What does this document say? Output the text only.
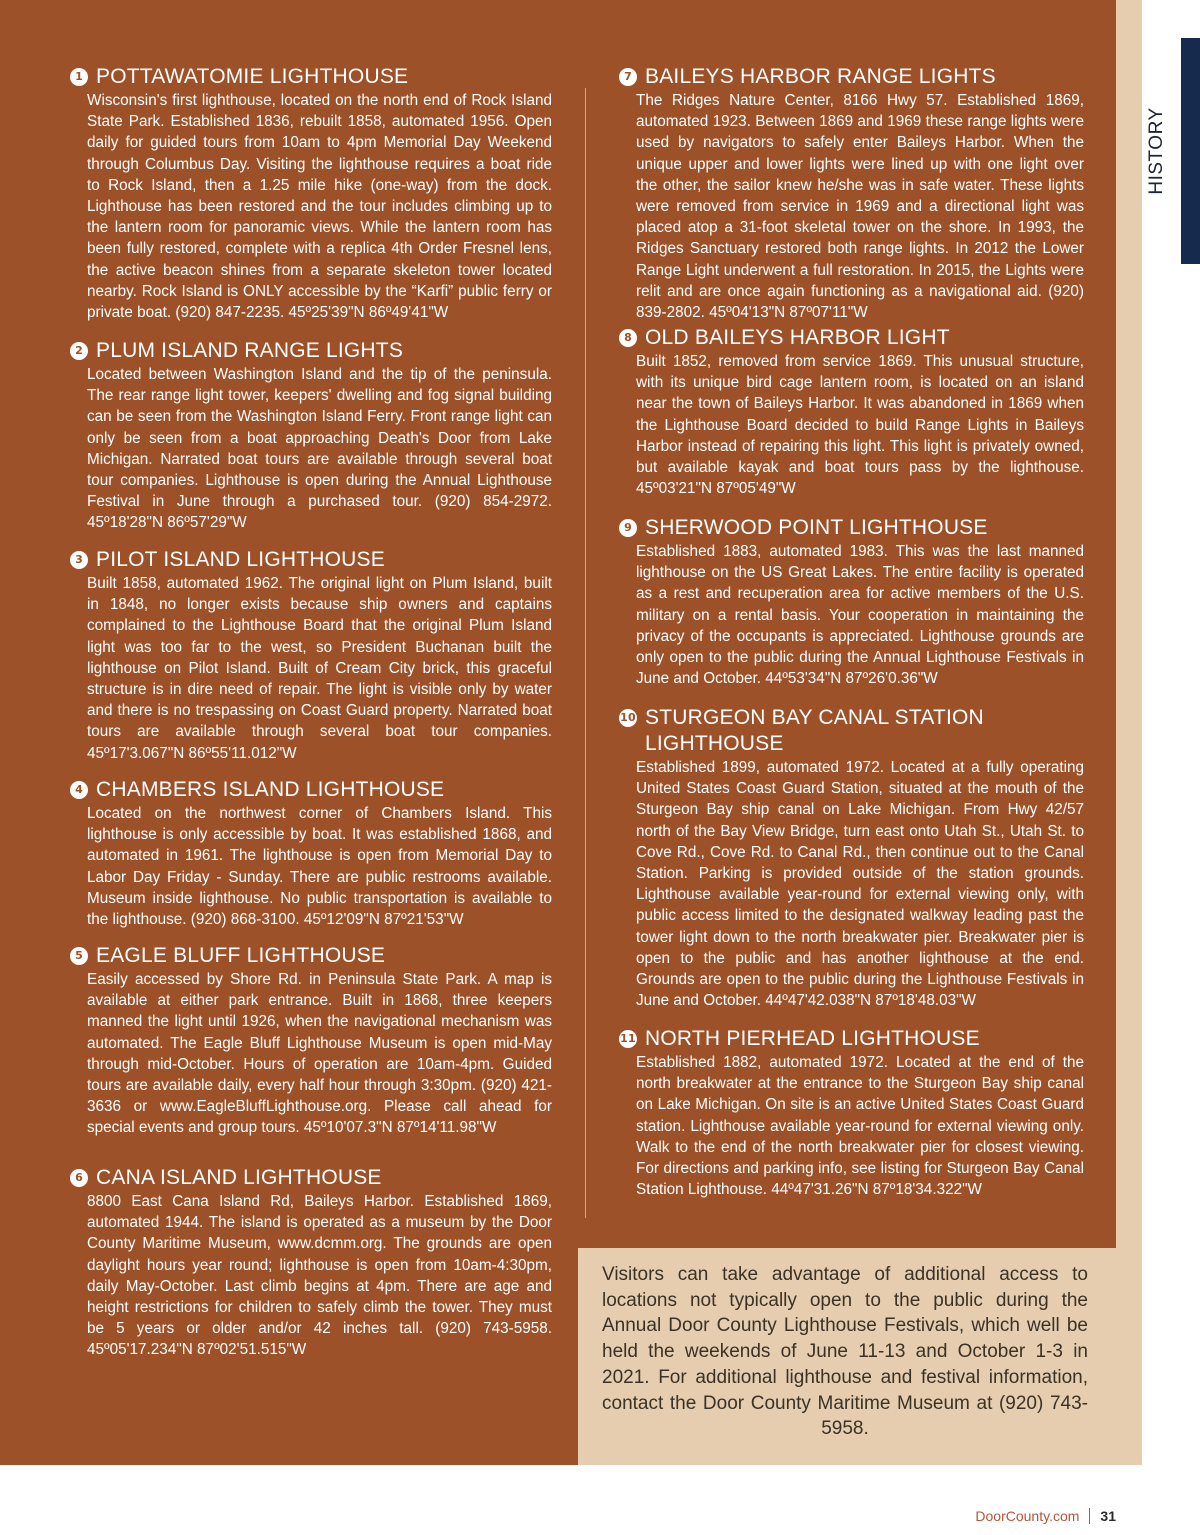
HISTORY
1 POTTAWATOMIE LIGHTHOUSE

Wisconsin's first lighthouse, located on the north end of Rock Island State Park. Established 1836, rebuilt 1858, automated 1956. Open daily for guided tours from 10am to 4pm Memorial Day Weekend through Columbus Day. Visiting the lighthouse requires a boat ride to Rock Island, then a 1.25 mile hike (one-way) from the dock. Lighthouse has been restored and the tour includes climbing up to the lantern room for panoramic views. While the lantern room has been fully restored, complete with a replica 4th Order Fresnel lens, the active beacon shines from a separate skeleton tower located nearby. Rock Island is ONLY accessible by the “Karfi” public ferry or private boat. (920) 847-2235. 45º25'39"N 86º49'41"W

2 PLUM ISLAND RANGE LIGHTS

Located between Washington Island and the tip of the peninsula. The rear range light tower, keepers' dwelling and fog signal building can be seen from the Washington Island Ferry. Front range light can only be seen from a boat approaching Death's Door from Lake Michigan. Narrated boat tours are available through several boat tour companies. Lighthouse is open during the Annual Lighthouse Festival in June through a purchased tour. (920) 854-2972. 45º18'28"N 86º57'29"W

3 PILOT ISLAND LIGHTHOUSE

Built 1858, automated 1962. The original light on Plum Island, built in 1848, no longer exists because ship owners and captains complained to the Lighthouse Board that the original Plum Island light was too far to the west, so President Buchanan built the lighthouse on Pilot Island. Built of Cream City brick, this graceful structure is in dire need of repair. The light is visible only by water and there is no trespassing on Coast Guard property. Narrated boat tours are available through several boat tour companies. 45º17'3.067"N 86º55'11.012"W

4 CHAMBERS ISLAND LIGHTHOUSE

Located on the northwest corner of Chambers Island. This lighthouse is only accessible by boat. It was established 1868, and automated in 1961. The lighthouse is open from Memorial Day to Labor Day Friday - Sunday. There are public restrooms available. Museum inside lighthouse. No public transportation is available to the lighthouse. (920) 868-3100. 45º12'09"N 87º21'53"W

5 EAGLE BLUFF LIGHTHOUSE

Easily accessed by Shore Rd. in Peninsula State Park. A map is available at either park entrance. Built in 1868, three keepers manned the light until 1926, when the navigational mechanism was automated. The Eagle Bluff Lighthouse Museum is open mid-May through mid-October. Hours of operation are 10am-4pm. Guided tours are available daily, every half hour through 3:30pm. (920) 421-3636 or www.EagleBluffLighthouse.org. Please call ahead for special events and group tours. 45º10'07.3"N 87º14'11.98"W

6 CANA ISLAND LIGHTHOUSE

8800 East Cana Island Rd, Baileys Harbor. Established 1869, automated 1944. The island is operated as a museum by the Door County Maritime Museum, www.dcmm.org. The grounds are open daylight hours year round; lighthouse is open from 10am-4:30pm, daily May-October. Last climb begins at 4pm. There are age and height restrictions for children to safely climb the tower. They must be 5 years or older and/or 42 inches tall. (920) 743-5958. 45º05'17.234"N 87º02'51.515"W

7 BAILEYS HARBOR RANGE LIGHTS

The Ridges Nature Center, 8166 Hwy 57. Established 1869, automated 1923. Between 1869 and 1969 these range lights were used by navigators to safely enter Baileys Harbor. When the unique upper and lower lights were lined up with one light over the other, the sailor knew he/she was in safe water. These lights were removed from service in 1969 and a directional light was placed atop a 31-foot skeletal tower on the shore. In 1993, the Ridges Sanctuary restored both range lights. In 2012 the Lower Range Light underwent a full restoration. In 2015, the Lights were relit and are once again functioning as a navigational aid. (920) 839-2802. 45º04'13"N 87º07'11"W

8 OLD BAILEYS HARBOR LIGHT

Built 1852, removed from service 1869. This unusual structure, with its unique bird cage lantern room, is located on an island near the town of Baileys Harbor. It was abandoned in 1869 when the Lighthouse Board decided to build Range Lights in Baileys Harbor instead of repairing this light. This light is privately owned, but available kayak and boat tours pass by the lighthouse. 45º03'21"N 87º05'49"W

9 SHERWOOD POINT LIGHTHOUSE

Established 1883, automated 1983. This was the last manned lighthouse on the US Great Lakes. The entire facility is operated as a rest and recuperation area for active members of the U.S. military on a rental basis. Your cooperation in maintaining the privacy of the occupants is appreciated. Lighthouse grounds are only open to the public during the Annual Lighthouse Festivals in June and October. 44º53'34"N 87º26'0.36"W

10 STURGEON BAY CANAL STATION LIGHTHOUSE

Established 1899, automated 1972. Located at a fully operating United States Coast Guard Station, situated at the mouth of the Sturgeon Bay ship canal on Lake Michigan. From Hwy 42/57 north of the Bay View Bridge, turn east onto Utah St., Utah St. to Cove Rd., Cove Rd. to Canal Rd., then continue out to the Canal Station. Parking is provided outside of the station grounds. Lighthouse available year-round for external viewing only, with public access limited to the designated walkway leading past the tower light down to the north breakwater pier. Breakwater pier is open to the public and has another lighthouse at the end. Grounds are open to the public during the Lighthouse Festivals in June and October. 44º47'42.038"N 87º18'48.03"W

11 NORTH PIERHEAD LIGHTHOUSE

Established 1882, automated 1972. Located at the end of the north breakwater at the entrance to the Sturgeon Bay ship canal on Lake Michigan. On site is an active United States Coast Guard station. Lighthouse available year-round for external viewing only. Walk to the end of the north breakwater pier for closest viewing. For directions and parking info, see listing for Sturgeon Bay Canal Station Lighthouse. 44º47'31.26"N 87º18'34.322"W

Visitors can take advantage of additional access to locations not typically open to the public during the Annual Door County Lighthouse Festivals, which well be held the weekends of June 11-13 and October 1-3 in 2021. For additional lighthouse and festival information, contact the Door County Maritime Museum at (920) 743-5958.

DoorCounty.com 31
